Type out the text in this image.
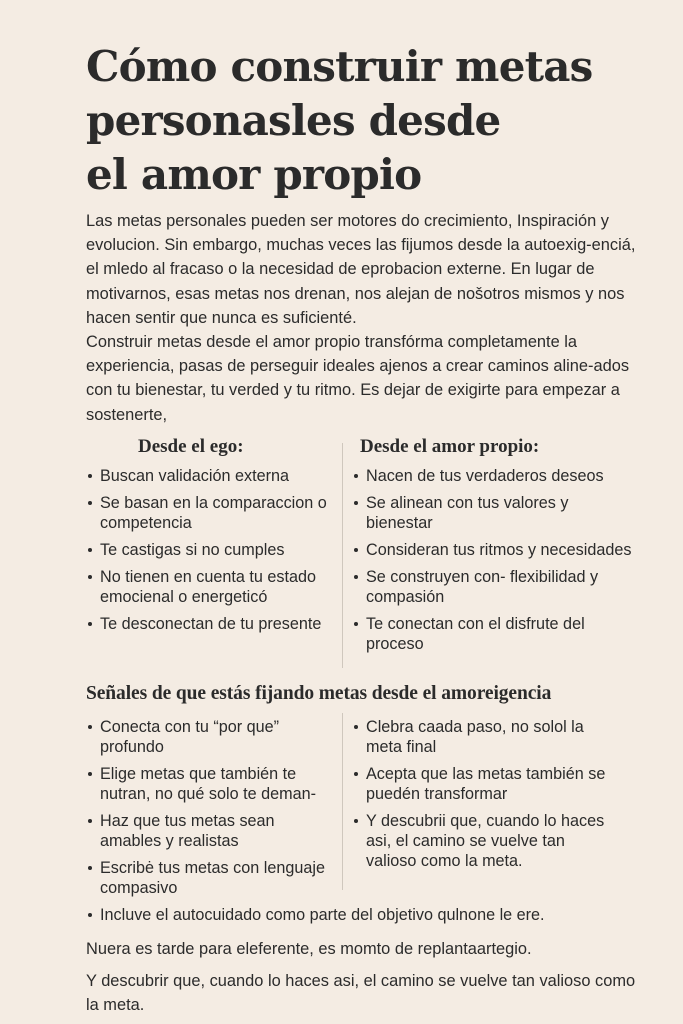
Cómo construir metas
personasles desde
el amor propio

Las metas personales pueden ser motores do crecimiento, Inspiración y evolucion. Sin embargo, muchas veces las fijumos desde la autoexig-enciá, el mledo al fracaso o la necesidad de eprobacion externe. En lugar de motivarnos, esas metas nos drenan, nos alejan de nošotros mismos y nos hacen sentir que nunca es suficienté.

Construir metas desde el amor propio transfórma completamente la experiencia, pasas de perseguir ideales ajenos a crear caminos aline-ados con tu bienestar, tu verded y tu ritmo. Es dejar de exigirte para empezar a sostenerte,

Desde el ego:
Buscan validación externa
Se basan en la comparaccion o competencia
Te castigas si no cumples
No tienen en cuenta tu estado emocienal o energeticó
Te desconectan de tu presente
Desde el amor propio:
Nacen de tus verdaderos deseos
Se alinean con tus valores y bienestar
Consideran tus ritmos y necesidades
Se construyen con- flexibilidad y compasión
Te conectan con el disfrute del proceso
Señales de que estás fijando metas desde el amoreigencia
Conecta con tu “por que” profundo
Elige metas que también te nutran, no qué solo te deman-
Haz que tus metas sean amables y realistas
Escribė tus metas con lenguaje compasivo
Clebra caada paso, no solol la meta final
Acepta que las metas también se puedén transformar
Y descubrii que, cuando lo haces asi, el camino se vuelve tan valioso como la meta.
Incluve el autocuidado como parte del objetivo qulnone le ere.

Nuera es tarde para eleferente, es momto de replantaartegio.

Y descubrir que, cuando lo haces asi, el camino se vuelve tan valioso como la meta.
